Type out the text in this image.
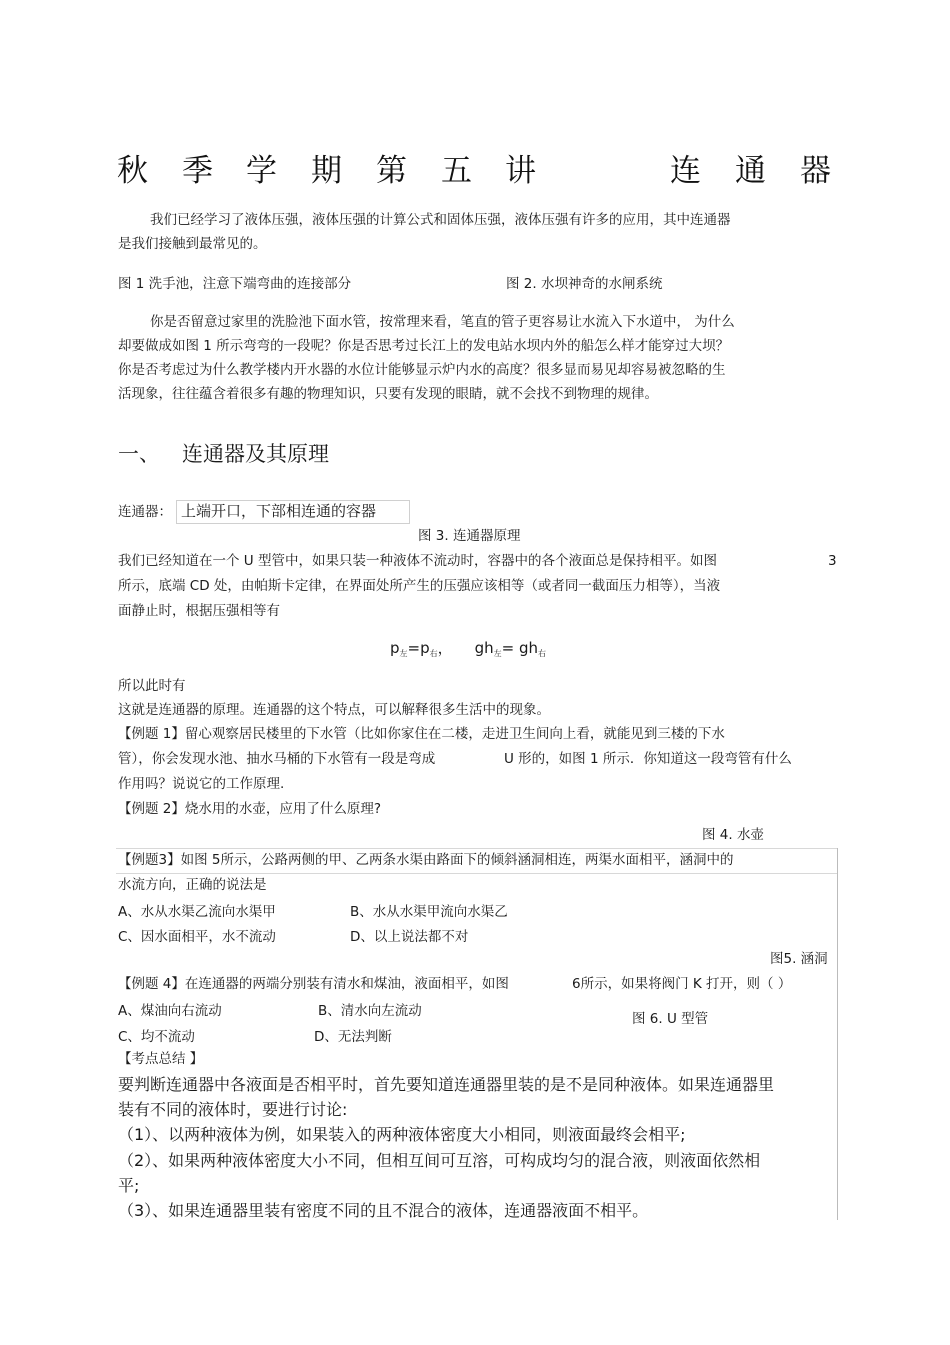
秋 季 学 期 第 五 讲	连 通 器
我们已经学习了液体压强，液体压强的计算公式和固体压强，液体压强有许多的应用，其中连通器
是我们接触到最常见的。
图 1 洗手池，注意下端弯曲的连接部分	图 2. 水坝神奇的水闸系统
你是否留意过家里的洗脸池下面水管，按常理来看，笔直的管子更容易让水流入下水道中， 为什么
却要做成如图 1 所示弯弯的一段呢？你是否思考过长江上的发电站水坝内外的船怎么样才能穿过大坝？
你是否考虑过为什么教学楼内开水器的水位计能够显示炉内水的高度？很多显而易见却容易被忽略的生
活现象，往往蕴含着很多有趣的物理知识，只要有发现的眼睛，就不会找不到物理的规律。
一、 连通器及其原理
连通器： 上端开口，下部相连通的容器
图 3. 连通器原理
我们已经知道在一个 U 型管中，如果只装一种液体不流动时，容器中的各个液面总是保持相平。如图	3
所示，底端 CD 处，由帕斯卡定律，在界面处所产生的压强应该相等（或者同一截面压力相等），当液
面静止时，根据压强相等有
$p_左=p_右$， $gh_左= gh_右$
所以此时有
这就是连通器的原理。连通器的这个特点，可以解释很多生活中的现象。
【例题 1】留心观察居民楼里的下水管（比如你家住在二楼，走进卫生间向上看，就能见到三楼的下水
管），你会发现水池、抽水马桶的下水管有一段是弯成	U 形的，如图 1 所示．你知道这一段弯管有什么
作用吗？说说它的工作原理.
【例题 2】烧水用的水壶，应用了什么原理?
图 4. 水壶
【例题3】如图 5所示，公路两侧的甲、乙两条水渠由路面下的倾斜涵洞相连，两渠水面相平，涵洞中的
水流方向，正确的说法是
A、水从水渠乙流向水渠甲	B、水从水渠甲流向水渠乙
C、因水面相平，水不流动	D、以上说法都不对
图5. 涵洞
【例题 4】在连通器的两端分别装有清水和煤油，液面相平，如图	6所示，如果将阀门 K 打开，则（ ）
A、煤油向右流动	B、清水向左流动	图 6. U 型管
C、均不流动	D、无法判断
【考点总结 】
要判断连通器中各液面是否相平时，首先要知道连通器里装的是不是同种液体。如果连通器里
装有不同的液体时，要进行讨论:
（1）、以两种液体为例，如果装入的两种液体密度大小相同，则液面最终会相平;
（2）、如果两种液体密度大小不同，但相互间可互溶，可构成均匀的混合液，则液面依然相
平;
（3）、如果连通器里装有密度不同的且不混合的液体，连通器液面不相平。
